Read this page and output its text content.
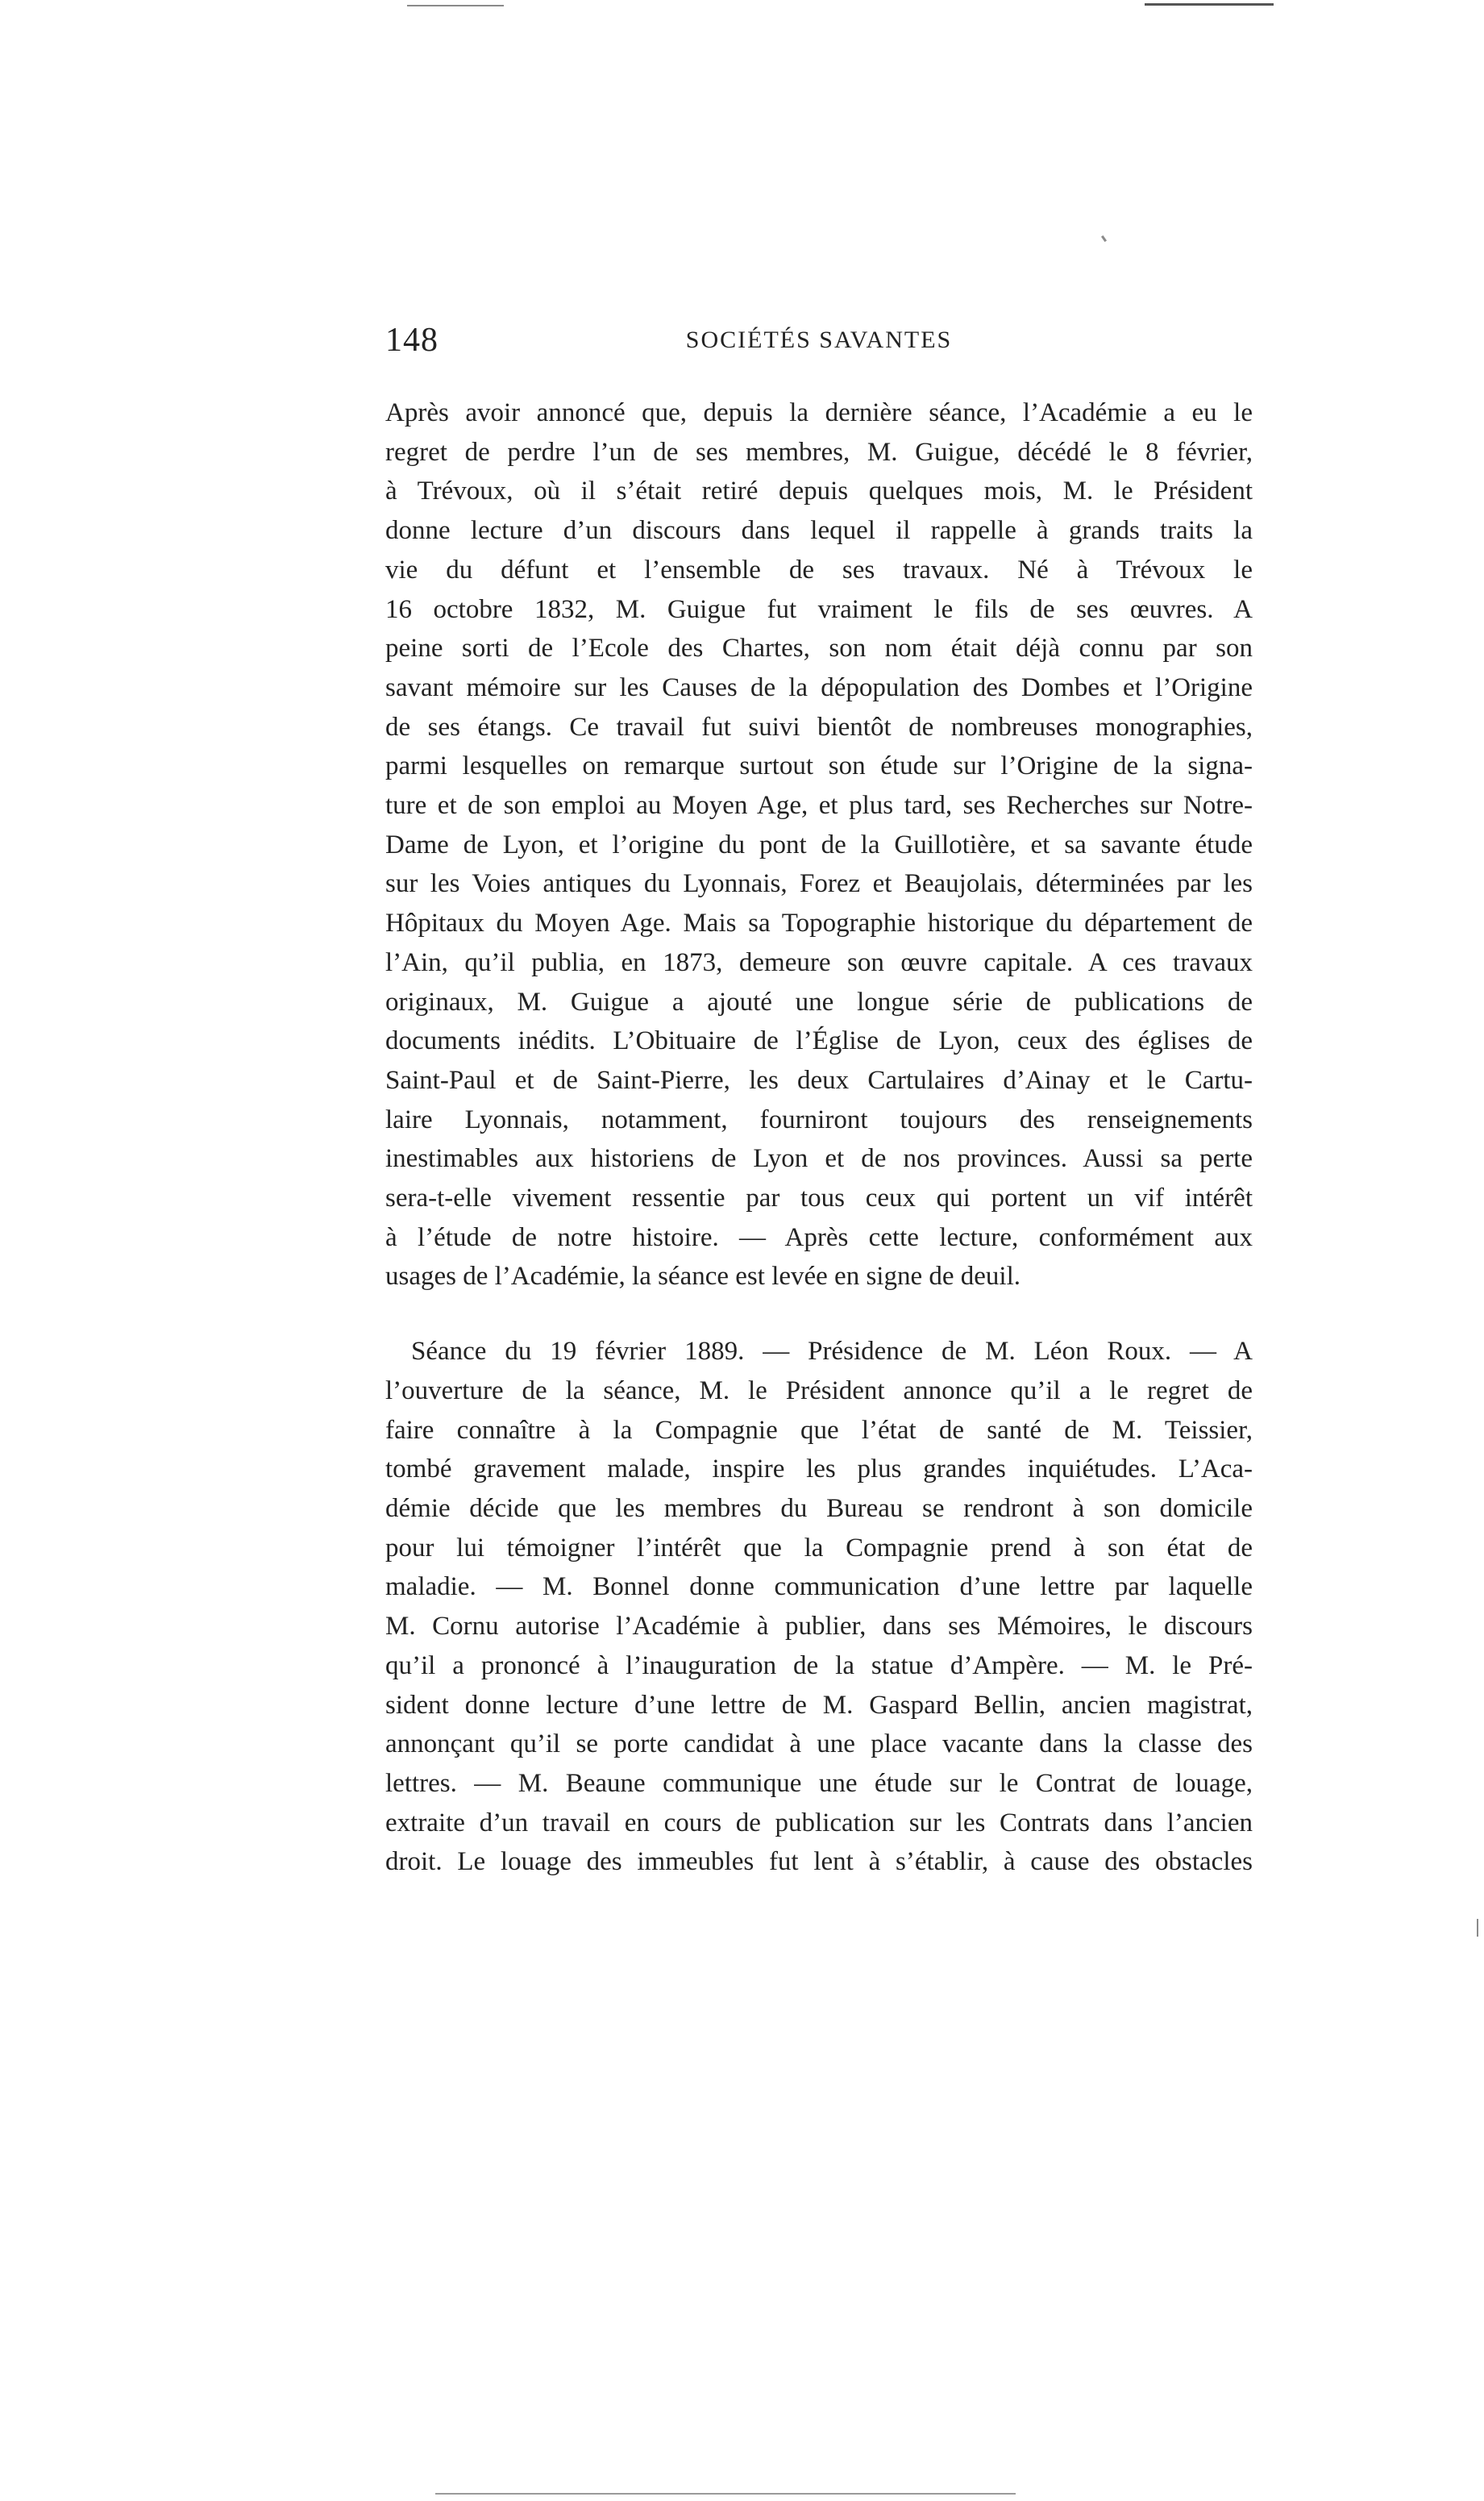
148	SOCIÉTÉS SAVANTES
Après avoir annoncé que, depuis la dernière séance, l’Académie a eu le
regret de perdre l’un de ses membres, M. Guigue, décédé le 8 février,
à Trévoux, où il s’était retiré depuis quelques mois, M. le Président
donne lecture d’un discours dans lequel il rappelle à grands traits la
vie du défunt et l’ensemble de ses travaux. Né à Trévoux le
16 octobre 1832, M. Guigue fut vraiment le fils de ses œuvres. A
peine sorti de l’Ecole des Chartes, son nom était déjà connu par son
savant mémoire sur les Causes de la dépopulation des Dombes et l’Origine
de ses étangs. Ce travail fut suivi bientôt de nombreuses monographies,
parmi lesquelles on remarque surtout son étude sur l’Origine de la signa-
ture et de son emploi au Moyen Age, et plus tard, ses Recherches sur Notre-
Dame de Lyon, et l’origine du pont de la Guillotière, et sa savante étude
sur les Voies antiques du Lyonnais, Forez et Beaujolais, déterminées par les
Hôpitaux du Moyen Age. Mais sa Topographie historique du département de
l’Ain, qu’il publia, en 1873, demeure son œuvre capitale. A ces travaux
originaux, M. Guigue a ajouté une longue série de publications de
documents inédits. L’Obituaire de l’Église de Lyon, ceux des églises de
Saint-Paul et de Saint-Pierre, les deux Cartulaires d’Ainay et le Cartu-
laire Lyonnais, notamment, fourniront toujours des renseignements
inestimables aux historiens de Lyon et de nos provinces. Aussi sa perte
sera-t-elle vivement ressentie par tous ceux qui portent un vif intérêt
à l’étude de notre histoire. — Après cette lecture, conformément aux
usages de l’Académie, la séance est levée en signe de deuil.
Séance du 19 février 1889. — Présidence de M. Léon Roux. — A
l’ouverture de la séance, M. le Président annonce qu’il a le regret de
faire connaître à la Compagnie que l’état de santé de M. Teissier,
tombé gravement malade, inspire les plus grandes inquiétudes. L’Aca-
démie décide que les membres du Bureau se rendront à son domicile
pour lui témoigner l’intérêt que la Compagnie prend à son état de
maladie. — M. Bonnel donne communication d’une lettre par laquelle
M. Cornu autorise l’Académie à publier, dans ses Mémoires, le discours
qu’il a prononcé à l’inauguration de la statue d’Ampère. — M. le Pré-
sident donne lecture d’une lettre de M. Gaspard Bellin, ancien magistrat,
annonçant qu’il se porte candidat à une place vacante dans la classe des
lettres. — M. Beaune communique une étude sur le Contrat de louage,
extraite d’un travail en cours de publication sur les Contrats dans l’ancien
droit. Le louage des immeubles fut lent à s’établir, à cause des obstacles
